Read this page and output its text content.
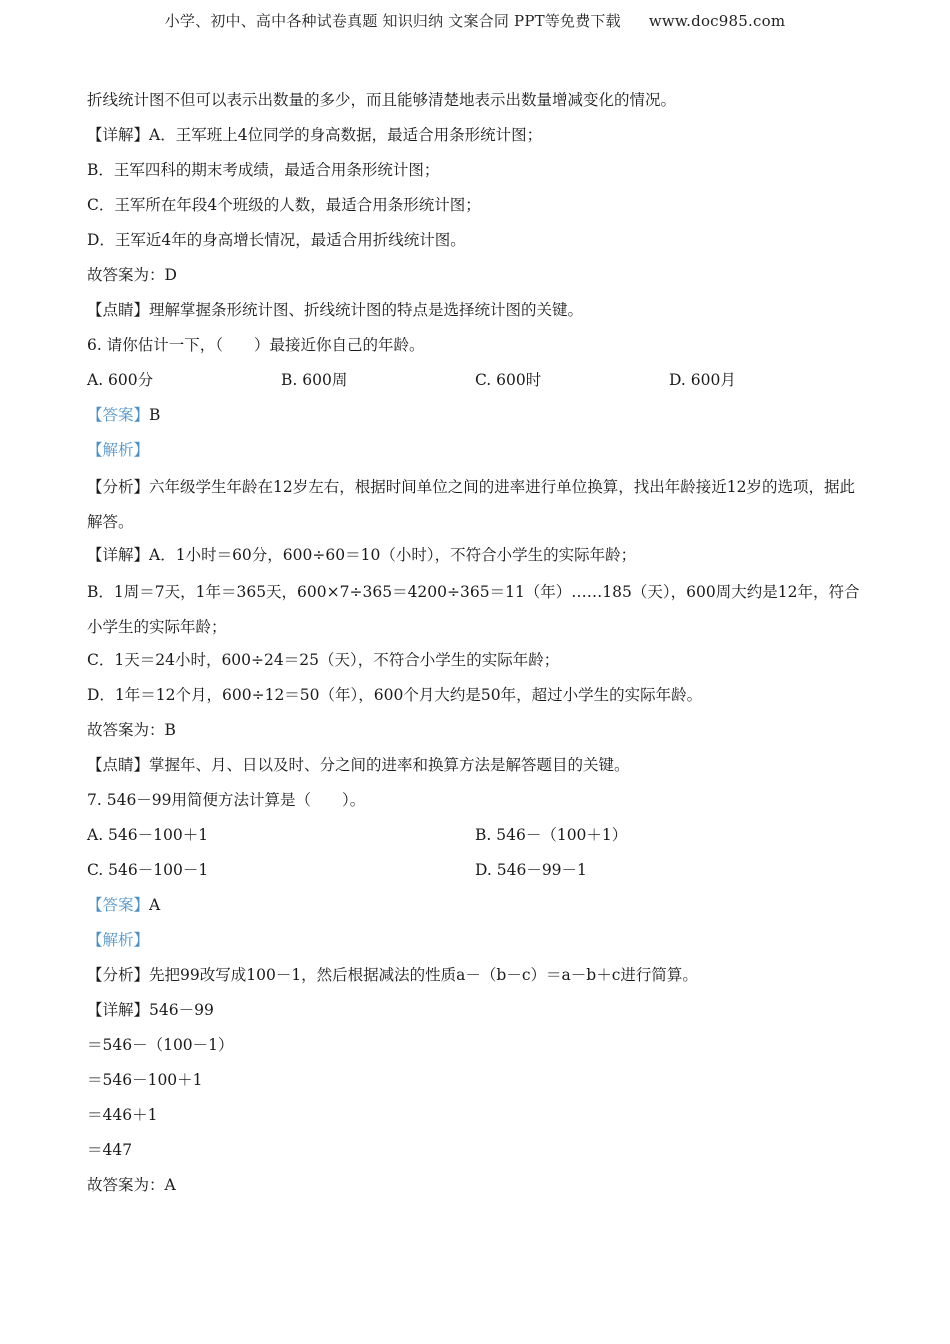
小学、初中、高中各种试卷真题 知识归纳 文案合同 PPT等免费下载 www.doc985.com
折线统计图不但可以表示出数量的多少，而且能够清楚地表示出数量增减变化的情况。
【详解】A．王军班上4位同学的身高数据，最适合用条形统计图；
B．王军四科的期末考成绩，最适合用条形统计图；
C．王军所在年段4个班级的人数，最适合用条形统计图；
D．王军近4年的身高增长情况，最适合用折线统计图。
故答案为：D
【点睛】理解掌握条形统计图、折线统计图的特点是选择统计图的关键。
6. 请你估计一下，（　　）最接近你自己的年龄。
A. 600分	B. 600周	C. 600时	D. 600月
【答案】B
【解析】
【分析】六年级学生年龄在12岁左右，根据时间单位之间的进率进行单位换算，找出年龄接近12岁的选项，据此解答。
【详解】A．1小时＝60分，600÷60＝10（小时），不符合小学生的实际年龄；
B．1周＝7天，1年＝365天，600×7÷365＝4200÷365＝11（年）……185（天），600周大约是12年，符合小学生的实际年龄；
C．1天＝24小时，600÷24＝25（天），不符合小学生的实际年龄；
D．1年＝12个月，600÷12＝50（年），600个月大约是50年，超过小学生的实际年龄。
故答案为：B
【点睛】掌握年、月、日以及时、分之间的进率和换算方法是解答题目的关键。
7. 546－99用简便方法计算是（　　）。
A. 546－100＋1	B. 546－（100＋1）
C. 546－100－1	D. 546－99－1
【答案】A
【解析】
【分析】先把99改写成100－1，然后根据减法的性质a－（b－c）＝a－b＋c进行简算。
【详解】546－99
＝546－（100－1）
＝546－100＋1
＝446＋1
＝447
故答案为：A
